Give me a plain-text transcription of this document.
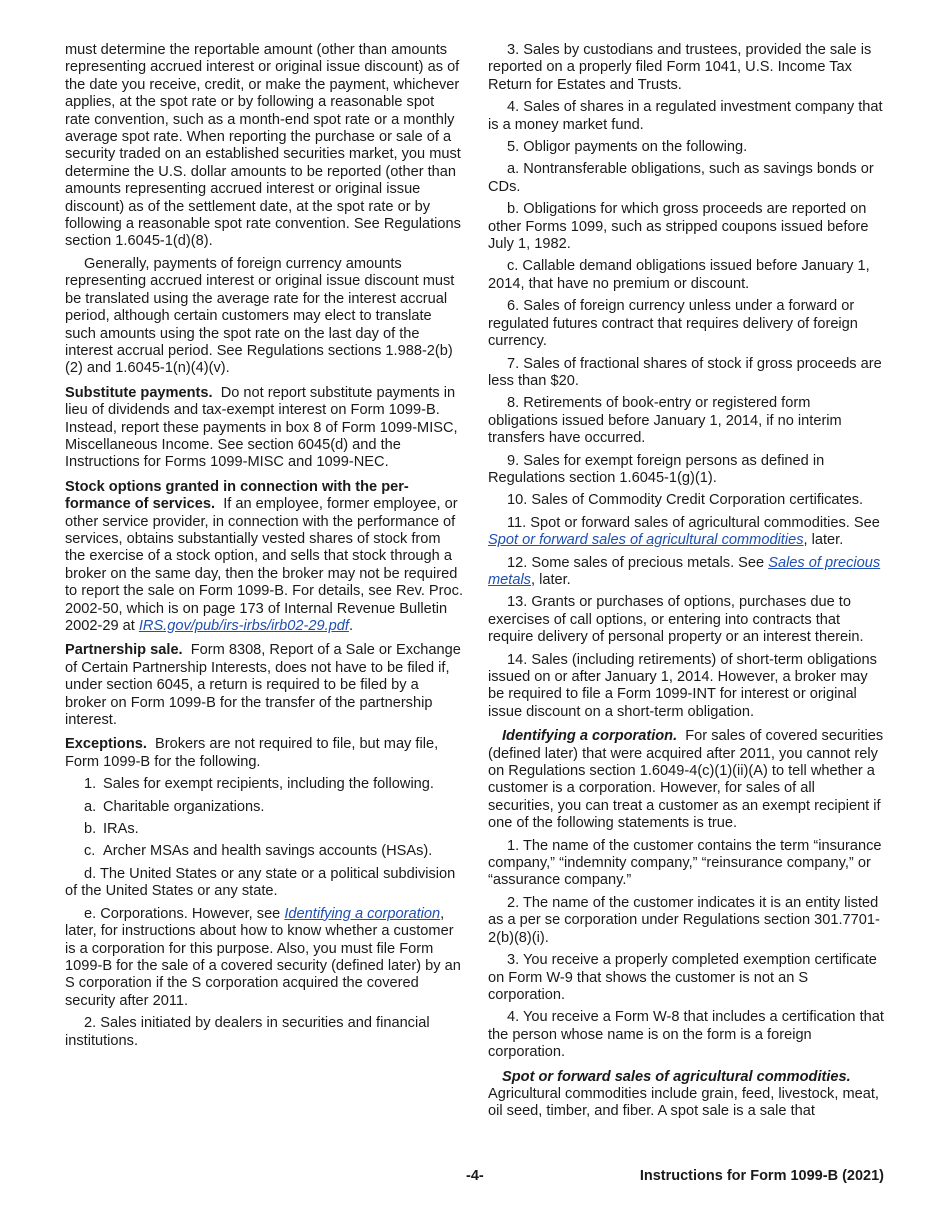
must determine the reportable amount (other than amounts representing accrued interest or original issue discount) as of the date you receive, credit, or make the payment, whichever applies, at the spot rate or by following a reasonable spot rate convention, such as a month-end spot rate or a monthly average spot rate. When reporting the purchase or sale of a security traded on an established securities market, you must determine the U.S. dollar amounts to be reported (other than amounts representing accrued interest or original issue discount) as of the settlement date, at the spot rate or by following a reasonable spot rate convention. See Regulations section 1.6045-1(d)(8).

Generally, payments of foreign currency amounts representing accrued interest or original issue discount must be translated using the average rate for the interest accrual period, although certain customers may elect to translate such amounts using the spot rate on the last day of the interest accrual period. See Regulations sections 1.988-2(b)(2) and 1.6045-1(n)(4)(v).

Substitute payments. Do not report substitute payments in lieu of dividends and tax-exempt interest on Form 1099-B. Instead, report these payments in box 8 of Form 1099-MISC, Miscellaneous Income. See section 6045(d) and the Instructions for Forms 1099-MISC and 1099-NEC.

Stock options granted in connection with the per-formance of services. If an employee, former employee, or other service provider, in connection with the performance of services, obtains substantially vested shares of stock from the exercise of a stock option, and sells that stock through a broker on the same day, then the broker may not be required to report the sale on Form 1099-B. For details, see Rev. Proc. 2002-50, which is on page 173 of Internal Revenue Bulletin 2002-29 at IRS.gov/pub/irs-irbs/irb02-29.pdf.

Partnership sale. Form 8308, Report of a Sale or Exchange of Certain Partnership Interests, does not have to be filed if, under section 6045, a return is required to be filed by a broker on Form 1099-B for the transfer of the partnership interest.

Exceptions. Brokers are not required to file, but may file, Form 1099-B for the following.

1. Sales for exempt recipients, including the following.

a. Charitable organizations.

b. IRAs.

c. Archer MSAs and health savings accounts (HSAs).

d. The United States or any state or a political subdivision of the United States or any state.

e. Corporations. However, see Identifying a corporation, later, for instructions about how to know whether a customer is a corporation for this purpose. Also, you must file Form 1099-B for the sale of a covered security (defined later) by an S corporation if the S corporation acquired the covered security after 2011.

2. Sales initiated by dealers in securities and financial institutions.

3. Sales by custodians and trustees, provided the sale is reported on a properly filed Form 1041, U.S. Income Tax Return for Estates and Trusts.

4. Sales of shares in a regulated investment company that is a money market fund.

5. Obligor payments on the following.

a. Nontransferable obligations, such as savings bonds or CDs.

b. Obligations for which gross proceeds are reported on other Forms 1099, such as stripped coupons issued before July 1, 1982.

c. Callable demand obligations issued before January 1, 2014, that have no premium or discount.

6. Sales of foreign currency unless under a forward or regulated futures contract that requires delivery of foreign currency.

7. Sales of fractional shares of stock if gross proceeds are less than $20.

8. Retirements of book-entry or registered form obligations issued before January 1, 2014, if no interim transfers have occurred.

9. Sales for exempt foreign persons as defined in Regulations section 1.6045-1(g)(1).

10. Sales of Commodity Credit Corporation certificates.

11. Spot or forward sales of agricultural commodities. See Spot or forward sales of agricultural commodities, later.

12. Some sales of precious metals. See Sales of precious metals, later.

13. Grants or purchases of options, purchases due to exercises of call options, or entering into contracts that require delivery of personal property or an interest therein.

14. Sales (including retirements) of short-term obligations issued on or after January 1, 2014. However, a broker may be required to file a Form 1099-INT for interest or original issue discount on a short-term obligation.

Identifying a corporation. For sales of covered securities (defined later) that were acquired after 2011, you cannot rely on Regulations section 1.6049-4(c)(1)(ii)(A) to tell whether a customer is a corporation. However, for sales of all securities, you can treat a customer as an exempt recipient if one of the following statements is true.

1. The name of the customer contains the term “insurance company,” “indemnity company,” “reinsurance company,” or “assurance company.”

2. The name of the customer indicates it is an entity listed as a per se corporation under Regulations section 301.7701-2(b)(8)(i).

3. You receive a properly completed exemption certificate on Form W-9 that shows the customer is not an S corporation.

4. You receive a Form W-8 that includes a certification that the person whose name is on the form is a foreign corporation.

Spot or forward sales of agricultural commodities. Agricultural commodities include grain, feed, livestock, meat, oil seed, timber, and fiber. A spot sale is a sale that

-4-	Instructions for Form 1099-B (2021)
